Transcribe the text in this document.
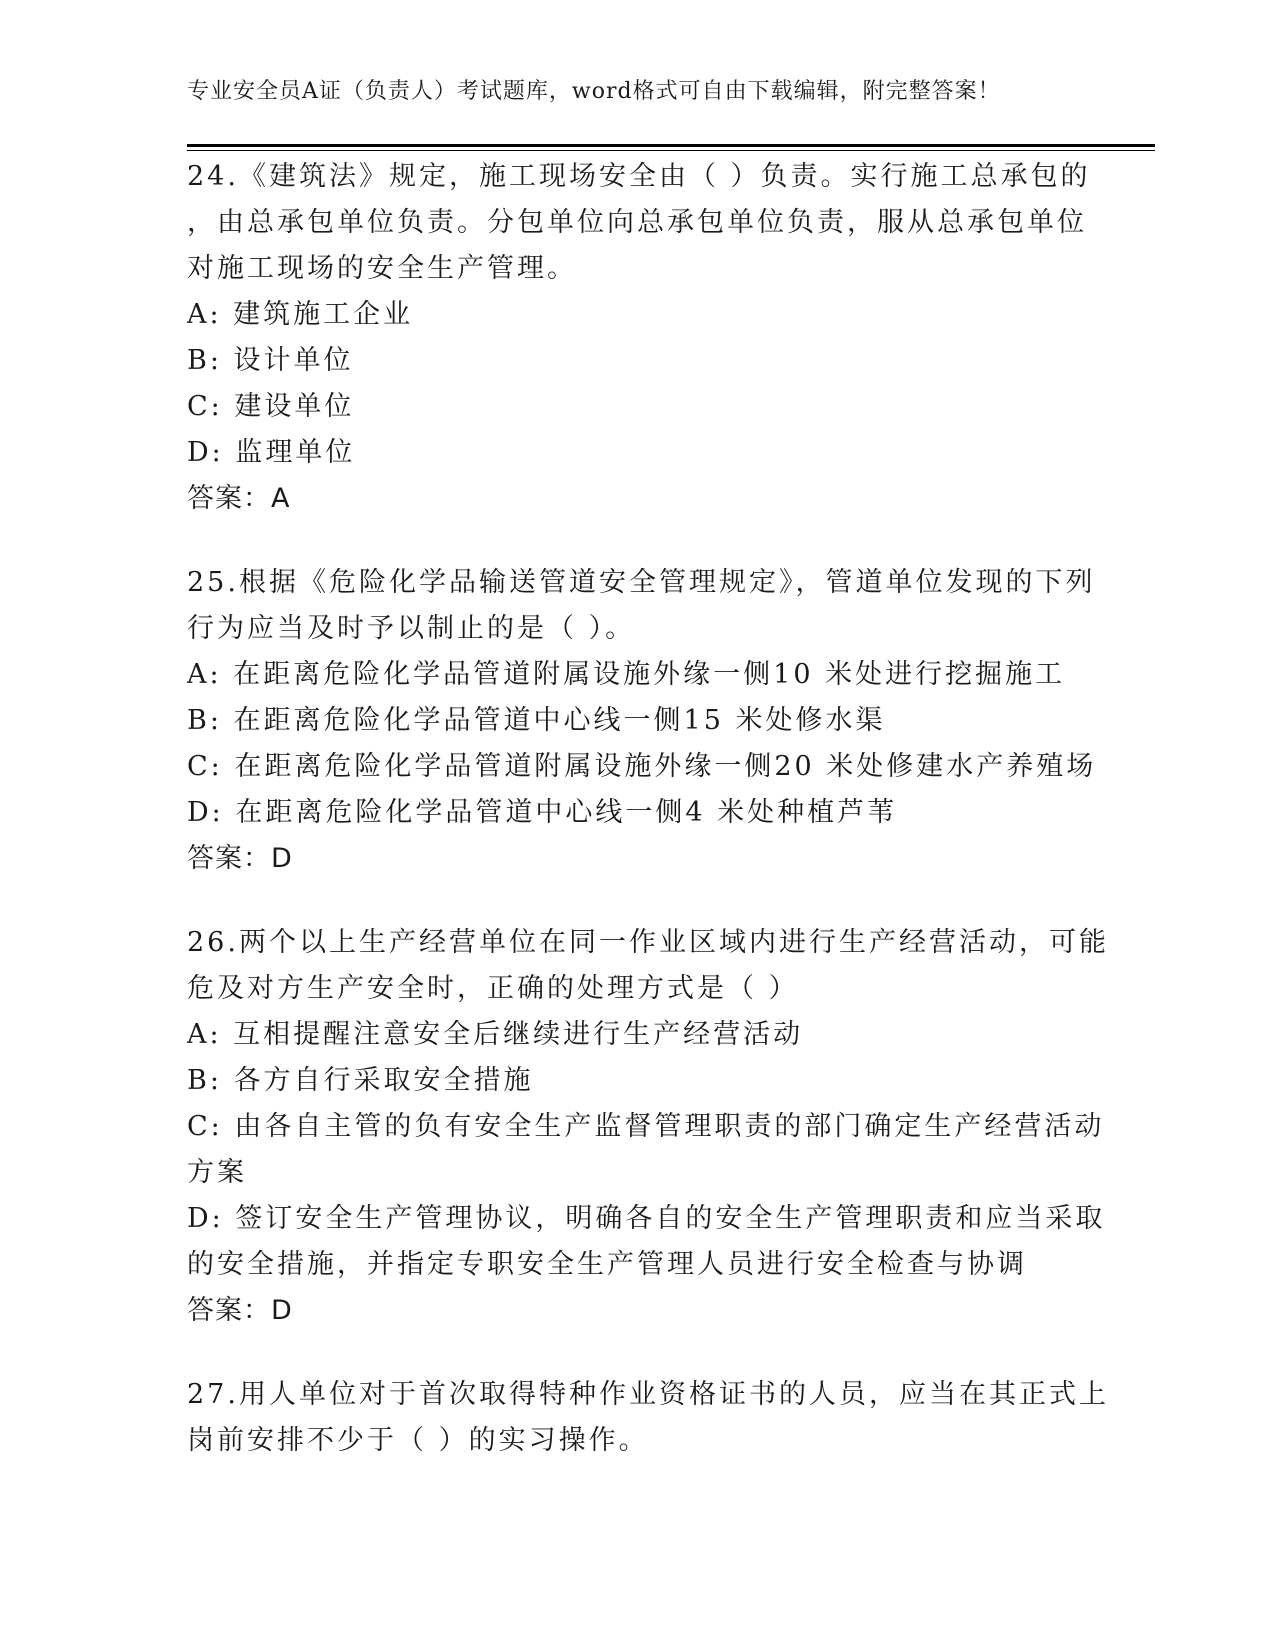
专业安全员A证（负责人）考试题库，word格式可自由下载编辑，附完整答案！
24.《建筑法》规定，施工现场安全由（ ）负责。实行施工总承包的
，由总承包单位负责。分包单位向总承包单位负责，服从总承包单位
对施工现场的安全生产管理。
A: 建筑施工企业
B: 设计单位
C: 建设单位
D: 监理单位
答案：A
25.根据《危险化学品输送管道安全管理规定》，管道单位发现的下列
行为应当及时予以制止的是（ ）。
A: 在距离危险化学品管道附属设施外缘一侧10 米处进行挖掘施工
B: 在距离危险化学品管道中心线一侧15 米处修水渠
C: 在距离危险化学品管道附属设施外缘一侧20 米处修建水产养殖场
D: 在距离危险化学品管道中心线一侧4 米处种植芦苇
答案：D
26.两个以上生产经营单位在同一作业区域内进行生产经营活动，可能
危及对方生产安全时，正确的处理方式是（ ）
A: 互相提醒注意安全后继续进行生产经营活动
B: 各方自行采取安全措施
C: 由各自主管的负有安全生产监督管理职责的部门确定生产经营活动
方案
D: 签订安全生产管理协议，明确各自的安全生产管理职责和应当采取
的安全措施，并指定专职安全生产管理人员进行安全检查与协调
答案：D
27.用人单位对于首次取得特种作业资格证书的人员，应当在其正式上
岗前安排不少于（ ）的实习操作。
